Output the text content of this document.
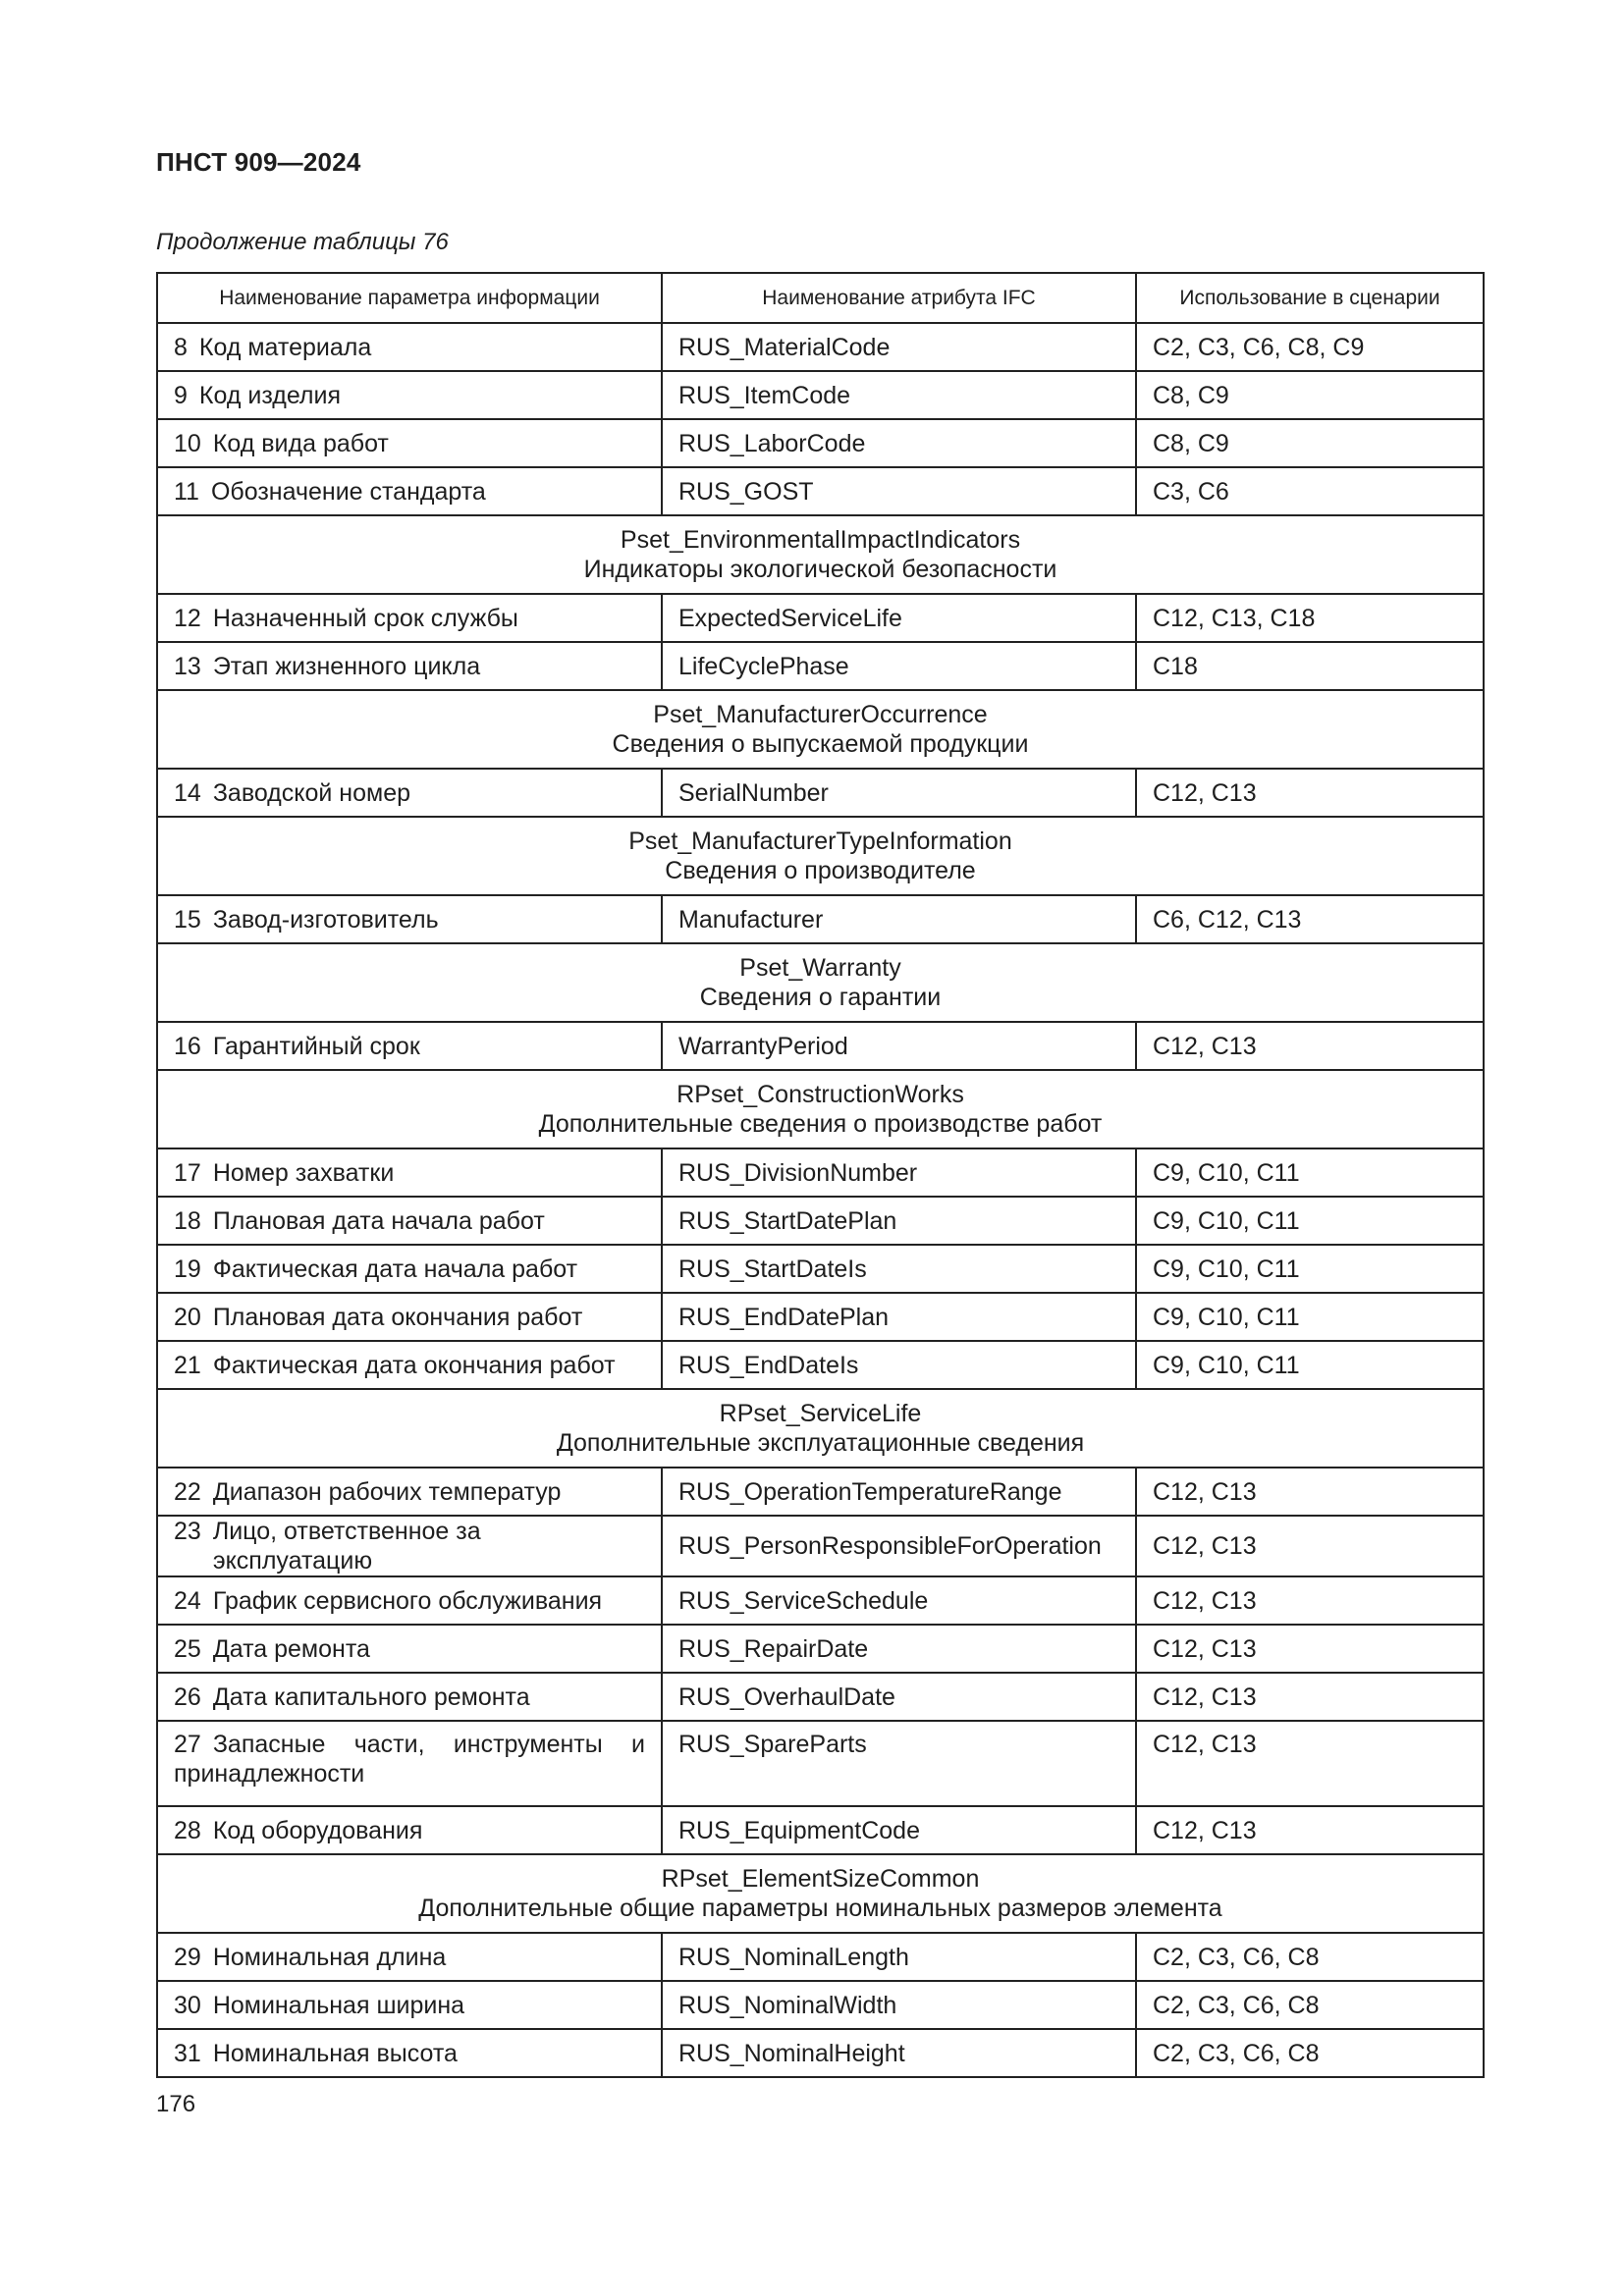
ПНСТ 909—2024
Продолжение таблицы 76
Наименование параметра информации	Наименование атрибута IFC	Использование в сценарии

8 Код материала	RUS_MaterialCode	C2, C3, C6, C8, C9

9 Код изделия	RUS_ItemCode	C8, C9

10 Код вида работ	RUS_LaborCode	C8, C9

11 Обозначение стандарта	RUS_GOST	C3, C6

Pset_EnvironmentalImpactIndicators
Индикаторы экологической безопасности		

12 Назначенный срок службы	ExpectedServiceLife	C12, C13, C18

13 Этап жизненного цикла	LifeCyclePhase	C18

Pset_ManufacturerOccurrence
Сведения о выпускаемой продукции		

14 Заводской номер	SerialNumber	C12, C13

Pset_ManufacturerTypeInformation
Сведения о производителе		

15 Завод-изготовитель	Manufacturer	C6, C12, C13

Pset_Warranty
Сведения о гарантии		

16 Гарантийный срок	WarrantyPeriod	C12, C13

RPset_ConstructionWorks
Дополнительные сведения о производстве работ		

17 Номер захватки	RUS_DivisionNumber	C9, C10, C11

18 Плановая дата начала работ	RUS_StartDatePlan	C9, C10, C11

19 Фактическая дата начала работ	RUS_StartDateIs	C9, C10, C11

20 Плановая дата окончания работ	RUS_EndDatePlan	C9, C10, C11

21 Фактическая дата окончания работ	RUS_EndDateIs	C9, C10, C11

RPset_ServiceLife
Дополнительные эксплуатационные сведения		

22 Диапазон рабочих температур	RUS_OperationTemperatureRange	C12, C13

23 Лицо, ответственное за эксплуатацию	RUS_PersonResponsibleForOperation	C12, C13

24 График сервисного обслуживания	RUS_ServiceSchedule	C12, C13

25 Дата ремонта	RUS_RepairDate	C12, C13

26 Дата капитального ремонта	RUS_OverhaulDate	C12, C13

27 Запасные части, инструменты и принадлежности	RUS_SpareParts	C12, C13

28 Код оборудования	RUS_EquipmentCode	C12, C13

RPset_ElementSizeCommon
Дополнительные общие параметры номинальных размеров элемента		

29 Номинальная длина	RUS_NominalLength	C2, C3, C6, C8

30 Номинальная ширина	RUS_NominalWidth	C2, C3, C6, C8

31 Номинальная высота	RUS_NominalHeight	C2, C3, C6, C8
176
